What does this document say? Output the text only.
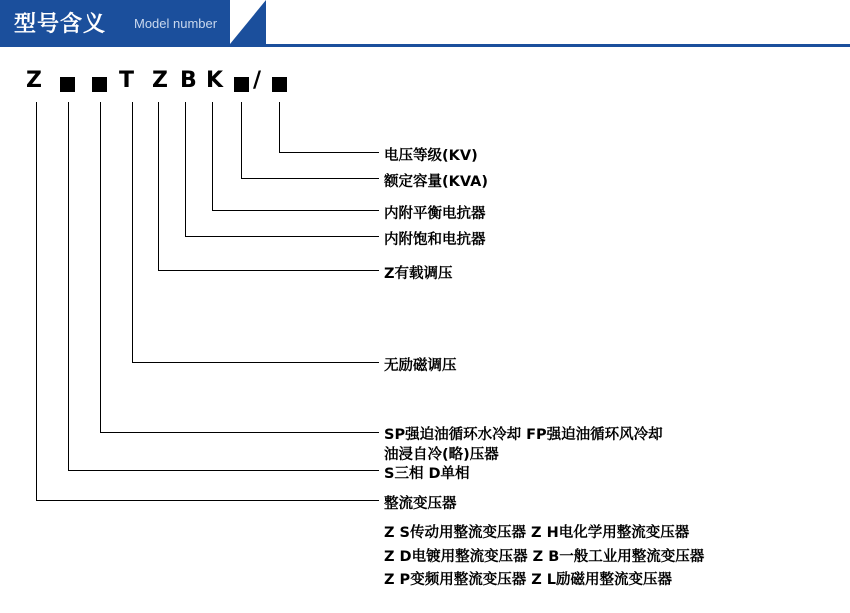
型号含义 Model number
Z	T Z B K /
电压等级(KV)
额定容量(KVA)
内附平衡电抗器
内附饱和电抗器
Z有载调压
无励磁调压
SP强迫油循环水冷却 FP强迫油循环风冷却
油浸自冷(略)压器
S三相 D单相
整流变压器
Z S传动用整流变压器 Z H电化学用整流变压器
Z D电镀用整流变压器 Z B一般工业用整流变压器
Z P变频用整流变压器 Z L励磁用整流变压器
